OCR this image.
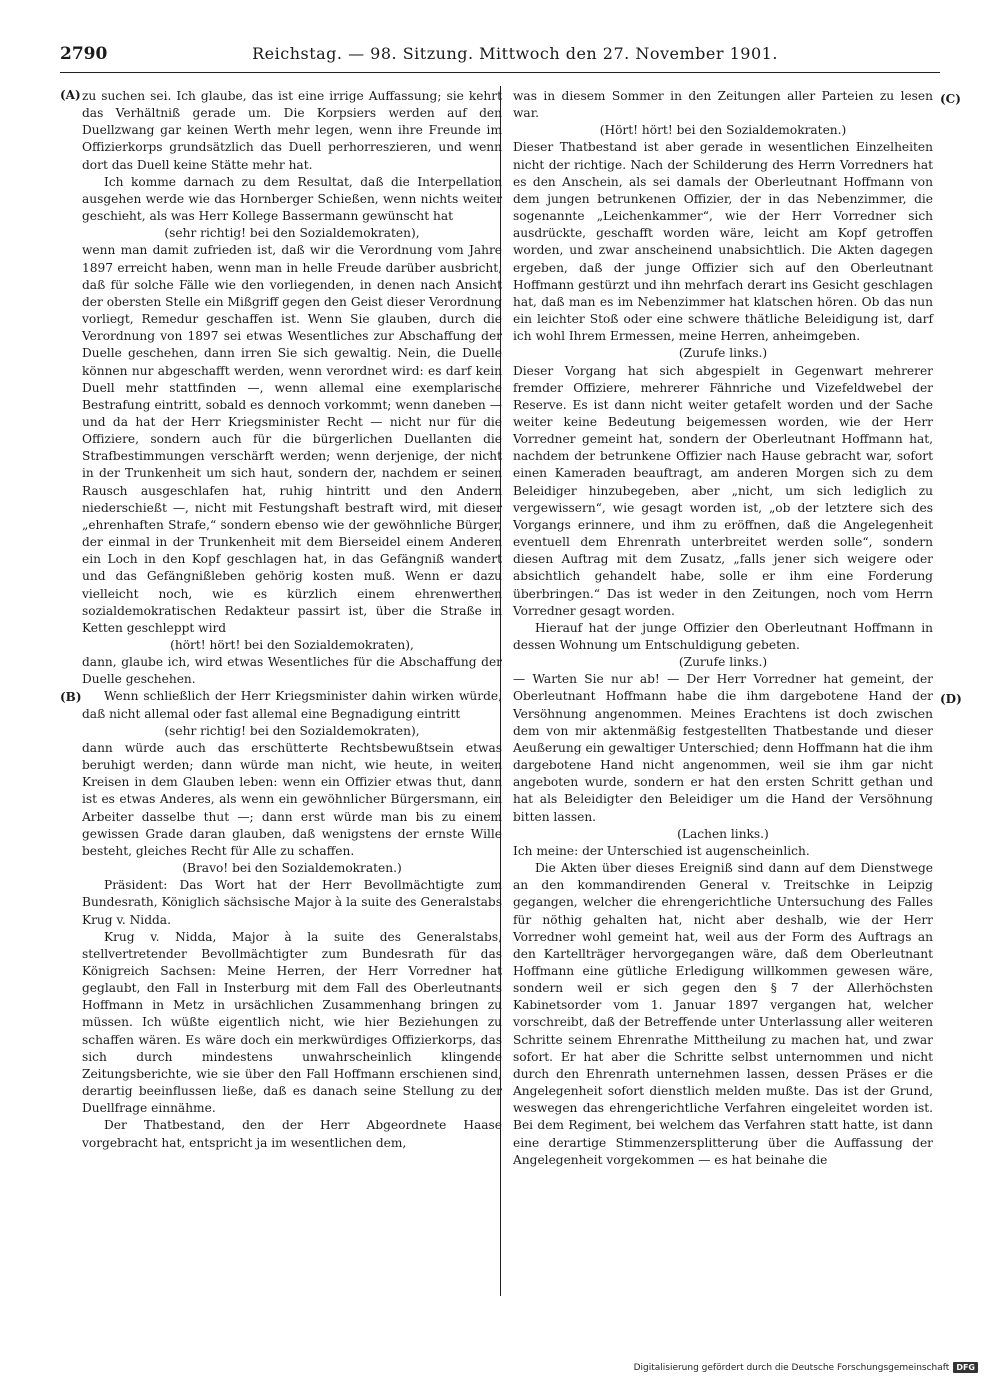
2790	Reichstag. — 98. Sitzung. Mittwoch den 27. November 1901.
(A)
(B)
(C)
(D)

zu suchen sei. Ich glaube, das ist eine irrige Auffassung; sie kehrt das Verhältniß gerade um. Die Korpsiers werden auf den Duellzwang gar keinen Werth mehr legen, wenn ihre Freunde im Offizierkorps grundsätzlich das Duell perhorreszieren, und wenn dort das Duell keine Stätte mehr hat.

Ich komme darnach zu dem Resultat, daß die Interpellation ausgehen werde wie das Hornberger Schießen, wenn nichts weiter geschieht, als was Herr Kollege Bassermann gewünscht hat

(sehr richtig! bei den Sozialdemokraten),

wenn man damit zufrieden ist, daß wir die Verordnung vom Jahre 1897 erreicht haben, wenn man in helle Freude darüber ausbricht, daß für solche Fälle wie den vorliegenden, in denen nach Ansicht der obersten Stelle ein Mißgriff gegen den Geist dieser Verordnung vorliegt, Remedur geschaffen ist. Wenn Sie glauben, durch die Verordnung von 1897 sei etwas Wesentliches zur Abschaffung der Duelle geschehen, dann irren Sie sich gewaltig. Nein, die Duelle können nur abgeschafft werden, wenn verordnet wird: es darf kein Duell mehr stattfinden —, wenn allemal eine exemplarische Bestrafung eintritt, sobald es dennoch vorkommt; wenn daneben — und da hat der Herr Kriegsminister Recht — nicht nur für die Offiziere, sondern auch für die bürgerlichen Duellanten die Strafbestimmungen verschärft werden; wenn derjenige, der nicht in der Trunkenheit um sich haut, sondern der, nachdem er seinen Rausch ausgeschlafen hat, ruhig hintritt und den Andern niederschießt —, nicht mit Festungshaft bestraft wird, mit dieser „ehrenhaften Strafe,“ sondern ebenso wie der gewöhnliche Bürger, der einmal in der Trunkenheit mit dem Bierseidel einem Anderen ein Loch in den Kopf geschlagen hat, in das Gefängniß wandert und das Gefängnißleben gehörig kosten muß. Wenn er dazu vielleicht noch, wie es kürzlich einem ehrenwerthen sozialdemokratischen Redakteur passirt ist, über die Straße in Ketten geschleppt wird

(hört! hört! bei den Sozialdemokraten),

dann, glaube ich, wird etwas Wesentliches für die Abschaffung der Duelle geschehen.

Wenn schließlich der Herr Kriegsminister dahin wirken würde, daß nicht allemal oder fast allemal eine Begnadigung eintritt

(sehr richtig! bei den Sozialdemokraten),

dann würde auch das erschütterte Rechtsbewußtsein etwas beruhigt werden; dann würde man nicht, wie heute, in weiten Kreisen in dem Glauben leben: wenn ein Offizier etwas thut, dann ist es etwas Anderes, als wenn ein gewöhnlicher Bürgersmann, ein Arbeiter dasselbe thut —; dann erst würde man bis zu einem gewissen Grade daran glauben, daß wenigstens der ernste Wille besteht, gleiches Recht für Alle zu schaffen.

(Bravo! bei den Sozialdemokraten.)

Präsident: Das Wort hat der Herr Bevollmächtigte zum Bundesrath, Königlich sächsische Major à la suite des Generalstabs Krug v. Nidda.

Krug v. Nidda, Major à la suite des Generalstabs, stellvertretender Bevollmächtigter zum Bundesrath für das Königreich Sachsen: Meine Herren, der Herr Vorredner hat geglaubt, den Fall in Insterburg mit dem Fall des Oberleutnants Hoffmann in Metz in ursächlichen Zusammenhang bringen zu müssen. Ich wüßte eigentlich nicht, wie hier Beziehungen zu schaffen wären. Es wäre doch ein merkwürdiges Offizierkorps, das sich durch mindestens unwahrscheinlich klingende Zeitungsberichte, wie sie über den Fall Hoffmann erschienen sind, derartig beeinflussen ließe, daß es danach seine Stellung zu der Duellfrage einnähme.

Der Thatbestand, den der Herr Abgeordnete Haase vorgebracht hat, entspricht ja im wesentlichen dem,

was in diesem Sommer in den Zeitungen aller Parteien zu lesen war.

(Hört! hört! bei den Sozialdemokraten.)

Dieser Thatbestand ist aber gerade in wesentlichen Einzelheiten nicht der richtige. Nach der Schilderung des Herrn Vorredners hat es den Anschein, als sei damals der Oberleutnant Hoffmann von dem jungen betrunkenen Offizier, der in das Nebenzimmer, die sogenannte „Leichenkammer“, wie der Herr Vorredner sich ausdrückte, geschafft worden wäre, leicht am Kopf getroffen worden, und zwar anscheinend unabsichtlich. Die Akten dagegen ergeben, daß der junge Offizier sich auf den Oberleutnant Hoffmann gestürzt und ihn mehrfach derart ins Gesicht geschlagen hat, daß man es im Nebenzimmer hat klatschen hören. Ob das nun ein leichter Stoß oder eine schwere thätliche Beleidigung ist, darf ich wohl Ihrem Ermessen, meine Herren, anheimgeben.

(Zurufe links.)

Dieser Vorgang hat sich abgespielt in Gegenwart mehrerer fremder Offiziere, mehrerer Fähnriche und Vizefeldwebel der Reserve. Es ist dann nicht weiter getafelt worden und der Sache weiter keine Bedeutung beigemessen worden, wie der Herr Vorredner gemeint hat, sondern der Oberleutnant Hoffmann hat, nachdem der betrunkene Offizier nach Hause gebracht war, sofort einen Kameraden beauftragt, am anderen Morgen sich zu dem Beleidiger hinzubegeben, aber „nicht, um sich lediglich zu vergewissern“, wie gesagt worden ist, „ob der letztere sich des Vorgangs erinnere, und ihm zu eröffnen, daß die Angelegenheit eventuell dem Ehrenrath unterbreitet werden solle“, sondern diesen Auftrag mit dem Zusatz, „falls jener sich weigere oder absichtlich gehandelt habe, solle er ihm eine Forderung überbringen.“ Das ist weder in den Zeitungen, noch vom Herrn Vorredner gesagt worden.

Hierauf hat der junge Offizier den Oberleutnant Hoffmann in dessen Wohnung um Entschuldigung gebeten.

(Zurufe links.)

— Warten Sie nur ab! — Der Herr Vorredner hat gemeint, der Oberleutnant Hoffmann habe die ihm dargebotene Hand der Versöhnung angenommen. Meines Erachtens ist doch zwischen dem von mir aktenmäßig festgestellten Thatbestande und dieser Aeußerung ein gewaltiger Unterschied; denn Hoffmann hat die ihm dargebotene Hand nicht angenommen, weil sie ihm gar nicht angeboten wurde, sondern er hat den ersten Schritt gethan und hat als Beleidigter den Beleidiger um die Hand der Versöhnung bitten lassen.

(Lachen links.)

Ich meine: der Unterschied ist augenscheinlich.

Die Akten über dieses Ereigniß sind dann auf dem Dienstwege an den kommandirenden General v. Treitschke in Leipzig gegangen, welcher die ehrengerichtliche Untersuchung des Falles für nöthig gehalten hat, nicht aber deshalb, wie der Herr Vorredner wohl gemeint hat, weil aus der Form des Auftrags an den Kartellträger hervorgegangen wäre, daß dem Oberleutnant Hoffmann eine gütliche Erledigung willkommen gewesen wäre, sondern weil er sich gegen den § 7 der Allerhöchsten Kabinetsorder vom 1. Januar 1897 vergangen hat, welcher vorschreibt, daß der Betreffende unter Unterlassung aller weiteren Schritte seinem Ehrenrathe Mittheilung zu machen hat, und zwar sofort. Er hat aber die Schritte selbst unternommen und nicht durch den Ehrenrath unternehmen lassen, dessen Präses er die Angelegenheit sofort dienstlich melden mußte. Das ist der Grund, weswegen das ehrengerichtliche Verfahren eingeleitet worden ist. Bei dem Regiment, bei welchem das Verfahren statt hatte, ist dann eine derartige Stimmenzersplitterung über die Auffassung der Angelegenheit vorgekommen — es hat beinahe die

Digitalisierung gefördert durch die Deutsche Forschungsgemeinschaft DFG
